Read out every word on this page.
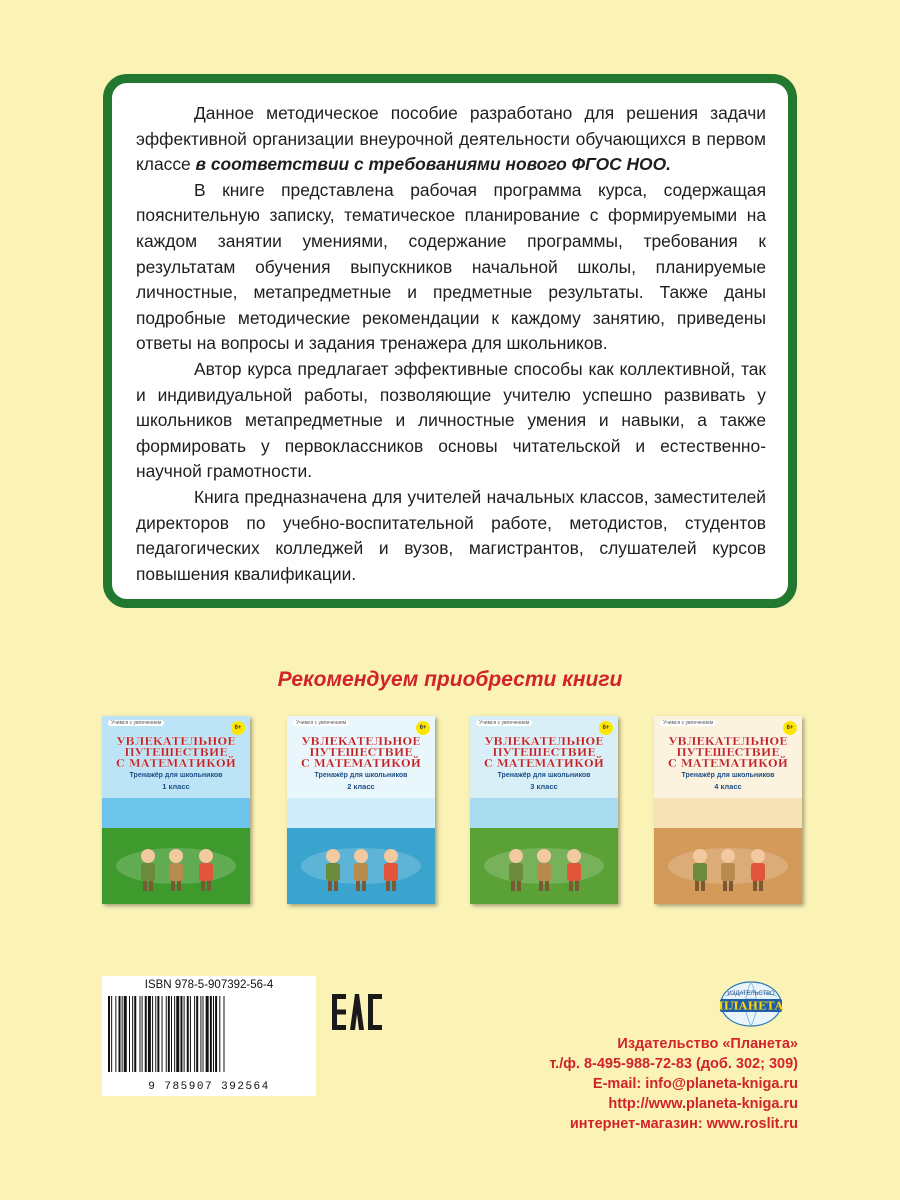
Данное методическое пособие разработано для решения задачи эффективной организации внеурочной деятельности обучающихся в первом классе в соответствии с требованиями нового ФГОС НОО.

В книге представлена рабочая программа курса, содержащая пояснительную записку, тематическое планирование с формируемыми на каждом занятии умениями, содержание программы, требования к результатам обучения выпускников начальной школы, планируемые личностные, метапредметные и предметные результаты. Также даны подробные методические рекомендации к каждому занятию, приведены ответы на вопросы и задания тренажера для школьников.

Автор курса предлагает эффективные способы как коллективной, так и индивидуальной работы, позволяющие учителю успешно развивать у школьников метапредметные и личностные умения и навыки, а также формировать у первоклассников основы читательской и естественно-научной грамотности.

Книга предназначена для учителей начальных классов, заместителей директоров по учебно-воспитательной работе, методистов, студентов педагогических колледжей и вузов, магистрантов, слушателей курсов повышения квалификации.

Рекомендуем приобрести книги
Учимся с увлечением
6+
УВЛЕКАТЕЛЬНОЕ
ПУТЕШЕСТВИЕ
С МАТЕМАТИКОЙ
Тренажёр для школьников
1 класс
Учимся с увлечением
6+
УВЛЕКАТЕЛЬНОЕ
ПУТЕШЕСТВИЕ
С МАТЕМАТИКОЙ
Тренажёр для школьников
2 класс
Учимся с увлечением
6+
УВЛЕКАТЕЛЬНОЕ
ПУТЕШЕСТВИЕ
С МАТЕМАТИКОЙ
Тренажёр для школьников
3 класс
Учимся с увлечением
6+
УВЛЕКАТЕЛЬНОЕ
ПУТЕШЕСТВИЕ
С МАТЕМАТИКОЙ
Тренажёр для школьников
4 класс
ISBN 978-5-907392-56-4
9 785907 392564
ИЗДАТЕЛЬСТВО
ПЛАНЕТА
Издательство «Планета»
т./ф. 8-495-988-72-83 (доб. 302; 309)
E-mail: info@planeta-kniga.ru
http://www.planeta-kniga.ru
интернет-магазин: www.roslit.ru
